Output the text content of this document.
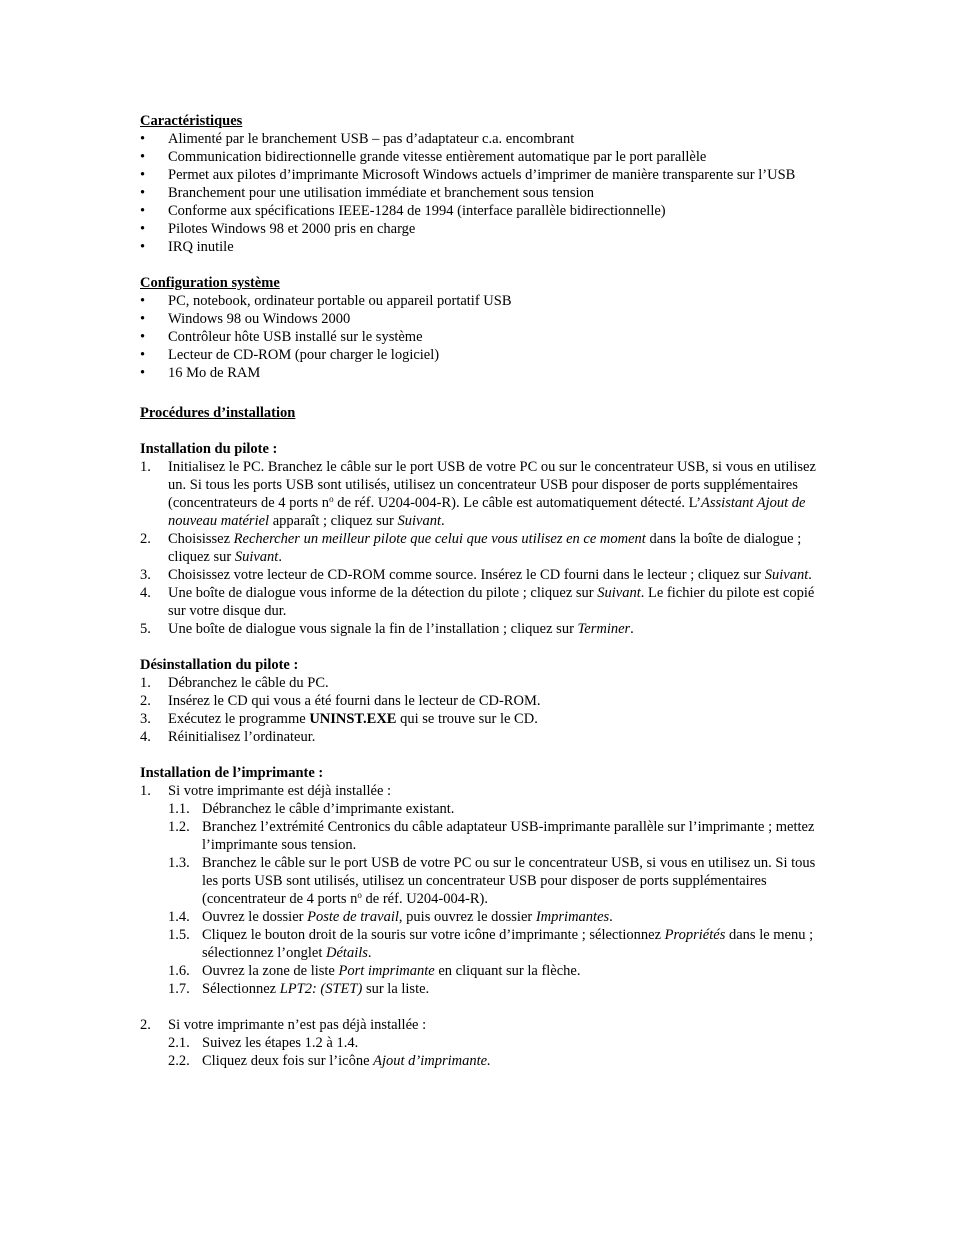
Caractéristiques
•	Alimenté par le branchement USB – pas d’adaptateur c.a. encombrant
•	Communication bidirectionnelle grande vitesse entièrement automatique par le port parallèle
•	Permet aux pilotes d’imprimante Microsoft Windows actuels d’imprimer de manière transparente sur l’USB
•	Branchement pour une utilisation immédiate et branchement sous tension
•	Conforme aux spécifications IEEE-1284 de 1994 (interface parallèle bidirectionnelle)
•	Pilotes Windows 98 et 2000 pris en charge
•	IRQ inutile
Configuration système
•	PC, notebook, ordinateur portable ou appareil portatif USB
•	Windows 98 ou Windows 2000
•	Contrôleur hôte USB installé sur le système
•	Lecteur de CD-ROM (pour charger le logiciel)
•	16 Mo de RAM
Procédures d’installation
Installation du pilote :
1.	Initialisez le PC. Branchez le câble sur le port USB de votre PC ou sur le concentrateur USB, si vous en utilisez un. Si tous les ports USB sont utilisés, utilisez un concentrateur USB pour disposer de ports supplémentaires (concentrateurs de 4 ports $n^o$ de réf. U204-004-R). Le câble est automatiquement détecté. L’Assistant Ajout de nouveau matériel apparaît ; cliquez sur Suivant.
2.	Choisissez Rechercher un meilleur pilote que celui que vous utilisez en ce moment dans la boîte de dialogue ; cliquez sur Suivant.
3.	Choisissez votre lecteur de CD-ROM comme source. Insérez le CD fourni dans le lecteur ; cliquez sur Suivant.
4.	Une boîte de dialogue vous informe de la détection du pilote ; cliquez sur Suivant. Le fichier du pilote est copié sur votre disque dur.
5.	Une boîte de dialogue vous signale la fin de l’installation ; cliquez sur Terminer.
Désinstallation du pilote :
1.	Débranchez le câble du PC.
2.	Insérez le CD qui vous a été fourni dans le lecteur de CD-ROM.
3.	Exécutez le programme UNINST.EXE qui se trouve sur le CD.
4.	Réinitialisez l’ordinateur.
Installation de l’imprimante :
1.	Si votre imprimante est déjà installée :
1.1. Débranchez le câble d’imprimante existant.
1.2. Branchez l’extrémité Centronics du câble adaptateur USB-imprimante parallèle sur l’imprimante ; mettez l’imprimante sous tension.
1.3. Branchez le câble sur le port USB de votre PC ou sur le concentrateur USB, si vous en utilisez un. Si tous les ports USB sont utilisés, utilisez un concentrateur USB pour disposer de ports supplémentaires (concentrateur de 4 ports $n^o$ de réf. U204-004-R).
1.4. Ouvrez le dossier Poste de travail, puis ouvrez le dossier Imprimantes.
1.5. Cliquez le bouton droit de la souris sur votre icône d’imprimante ; sélectionnez Propriétés dans le menu ; sélectionnez l’onglet Détails.
1.6. Ouvrez la zone de liste Port imprimante en cliquant sur la flèche.
1.7. Sélectionnez LPT2: (STET) sur la liste.
2.	Si votre imprimante n’est pas déjà installée :
2.1. Suivez les étapes 1.2 à 1.4.
2.2. Cliquez deux fois sur l’icône Ajout d’imprimante.
